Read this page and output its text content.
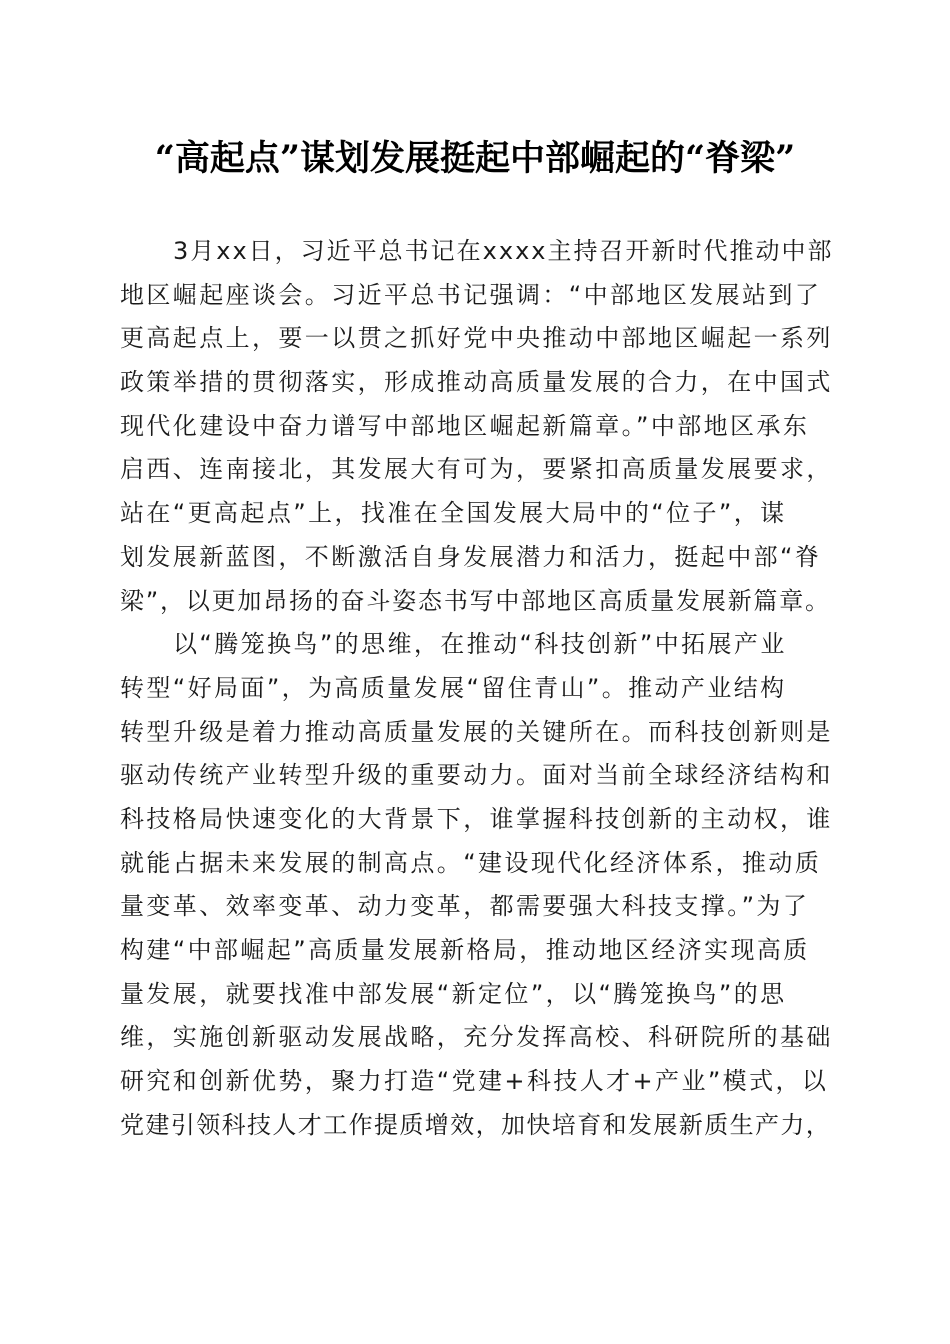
“高起点”谋划发展挺起中部崛起的“脊梁”
3月xx日，习近平总书记在xxxx主持召开新时代推动中部
地区崛起座谈会。习近平总书记强调：“中部地区发展站到了
更高起点上，要一以贯之抓好党中央推动中部地区崛起一系列
政策举措的贯彻落实，形成推动高质量发展的合力，在中国式
现代化建设中奋力谱写中部地区崛起新篇章。”中部地区承东
启西、连南接北，其发展大有可为，要紧扣高质量发展要求，
站在“更高起点”上，找准在全国发展大局中的“位子”，谋
划发展新蓝图，不断激活自身发展潜力和活力，挺起中部“脊
梁”，以更加昂扬的奋斗姿态书写中部地区高质量发展新篇章。
以“腾笼换鸟”的思维，在推动“科技创新”中拓展产业
转型“好局面”，为高质量发展“留住青山”。推动产业结构
转型升级是着力推动高质量发展的关键所在。而科技创新则是
驱动传统产业转型升级的重要动力。面对当前全球经济结构和
科技格局快速变化的大背景下，谁掌握科技创新的主动权，谁
就能占据未来发展的制高点。“建设现代化经济体系，推动质
量变革、效率变革、动力变革，都需要强大科技支撑。”为了
构建“中部崛起”高质量发展新格局，推动地区经济实现高质
量发展，就要找准中部发展“新定位”，以“腾笼换鸟”的思
维，实施创新驱动发展战略，充分发挥高校、科研院所的基础
研究和创新优势，聚力打造“党建+科技人才+产业”模式，以
党建引领科技人才工作提质增效，加快培育和发展新质生产力，
